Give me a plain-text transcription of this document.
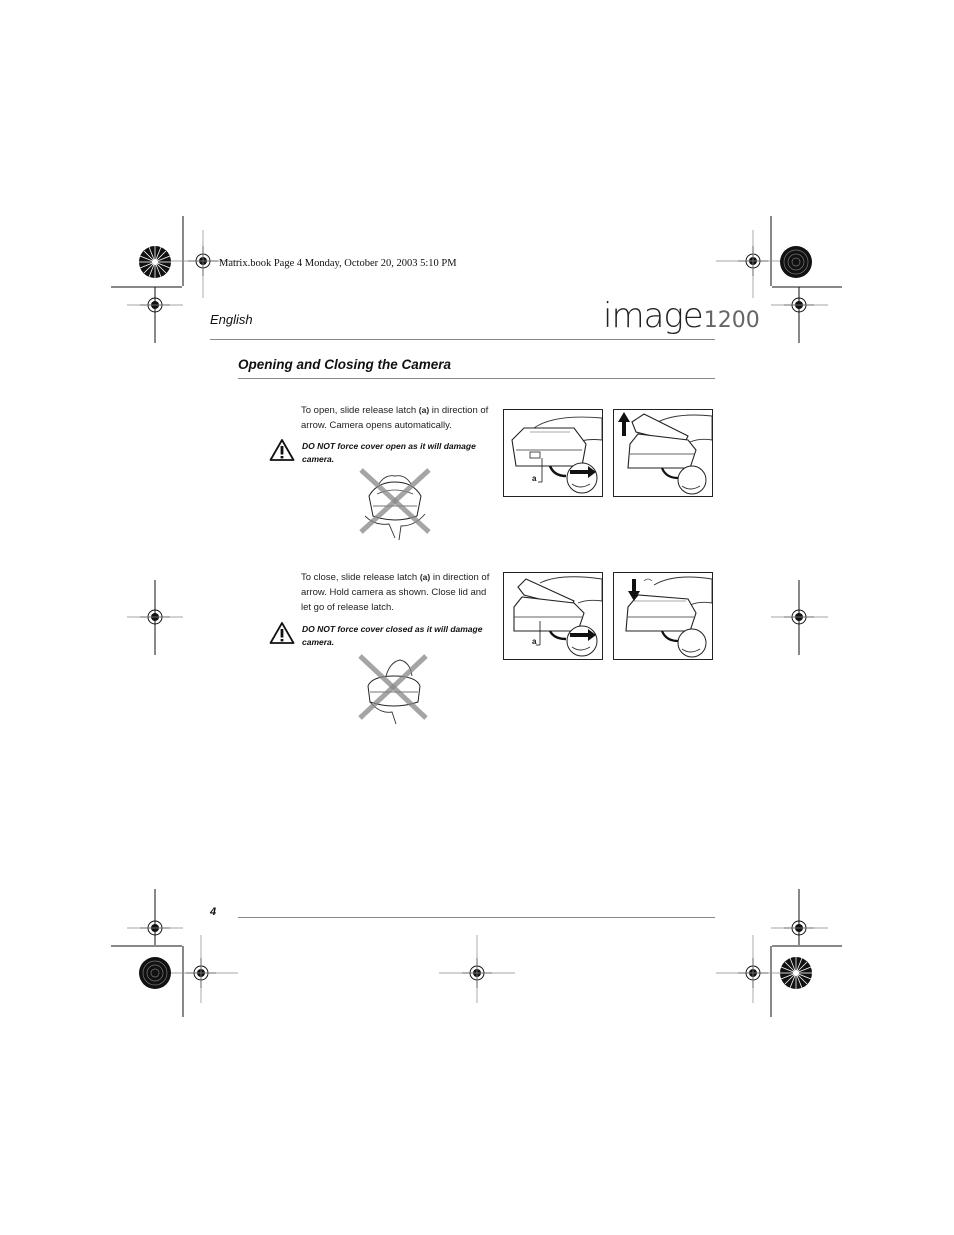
Matrix.book Page 4 Monday, October 20, 2003 5:10 PM
English	image1200
Opening and Closing the Camera
To open, slide release latch (a) in direction of arrow. Camera opens automatically.
DO NOT force cover open as it will damage camera.
a
To close, slide release latch (a) in direction of arrow. Hold camera as shown. Close lid and let go of release latch.
DO NOT force cover closed as it will damage camera.	a
4
